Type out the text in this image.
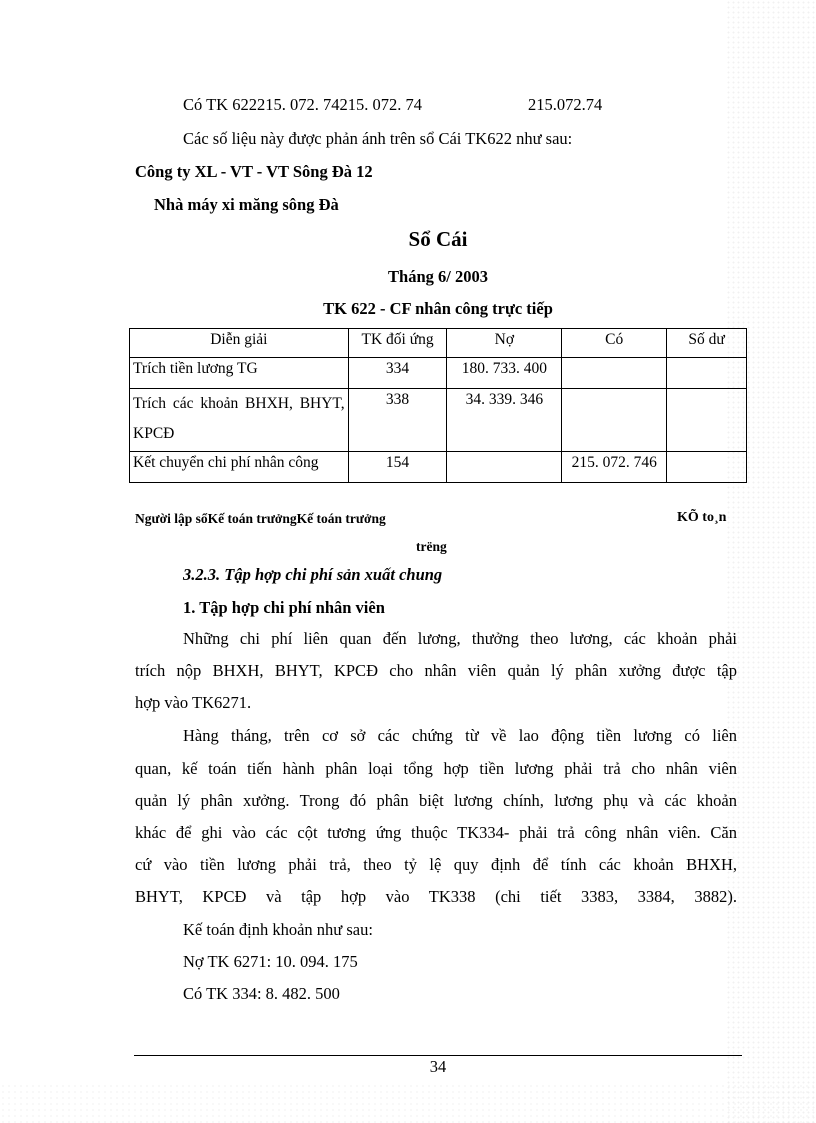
Có TK 622215. 072. 74215. 072. 74	215.072.74
Các số liệu này được phản ánh trên sổ Cái TK622 như sau:
Công ty XL - VT - VT Sông Đà 12
Nhà máy xi măng sông Đà
Sổ Cái
Tháng 6/ 2003
TK 622 - CF nhân công trực tiếp
Diễn giải	TK đối ứng	Nợ	Có	Số dư
Trích tiền lương TG	334	180. 733. 400		
Trích các khoản BHXH, BHYT, KPCĐ	338	34. 339. 346		
Kết chuyển chi phí nhân công	154		215. 072. 746	
Người lập sổKế toán trưởngKế toán trưởng	KÕ to¸n
trëng
3.2.3. Tập hợp chi phí sản xuất chung
1. Tập hợp chi phí nhân viên
Những chi phí liên quan đến lương, thưởng theo lương, các khoản phải
trích nộp BHXH, BHYT, KPCĐ cho nhân viên quản lý phân xưởng được tập
hợp vào TK6271.
Hàng tháng, trên cơ sở các chứng từ về lao động tiền lương có liên
quan, kế toán tiến hành phân loại tổng hợp tiền lương phải trả cho nhân viên
quản lý phân xưởng. Trong đó phân biệt lương chính, lương phụ và các khoản
khác để ghi vào các cột tương ứng thuộc TK334- phải trả công nhân viên. Căn
cứ vào tiền lương phải trả, theo tỷ lệ quy định để tính các khoản BHXH,
BHYT, KPCĐ và tập hợp vào TK338 (chi tiết 3383, 3384, 3882).
Kế toán định khoản như sau:
Nợ TK 6271: 10. 094. 175
Có TK 334: 8. 482. 500
34
